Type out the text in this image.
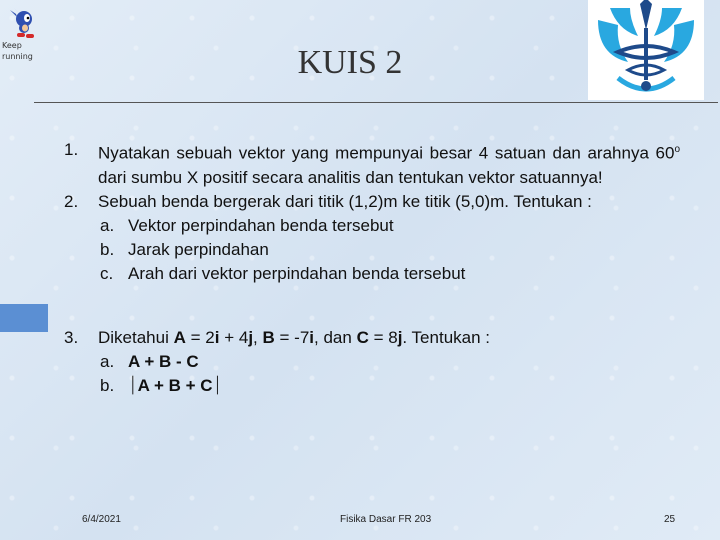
Keep
running	KUIS 2
1.	Nyatakan sebuah vektor yang mempunyai besar 4 satuan dan arahnya 60$^o$ dari sumbu X positif secara analitis dan tentukan vektor satuannya!
2.	Sebuah benda bergerak dari titik (1,2)m ke titik (5,0)m. Tentukan :
a. Vektor perpindahan benda tersebut
b. Jarak perpindahan
c. Arah dari vektor perpindahan benda tersebut
3.	Diketahui A = 2i + 4j, B = -7i, dan C = 8j. Tentukan :
a. A + B - C
b. ⏐A + B + C⏐
6/4/2021	Fisika Dasar FR 203	25
